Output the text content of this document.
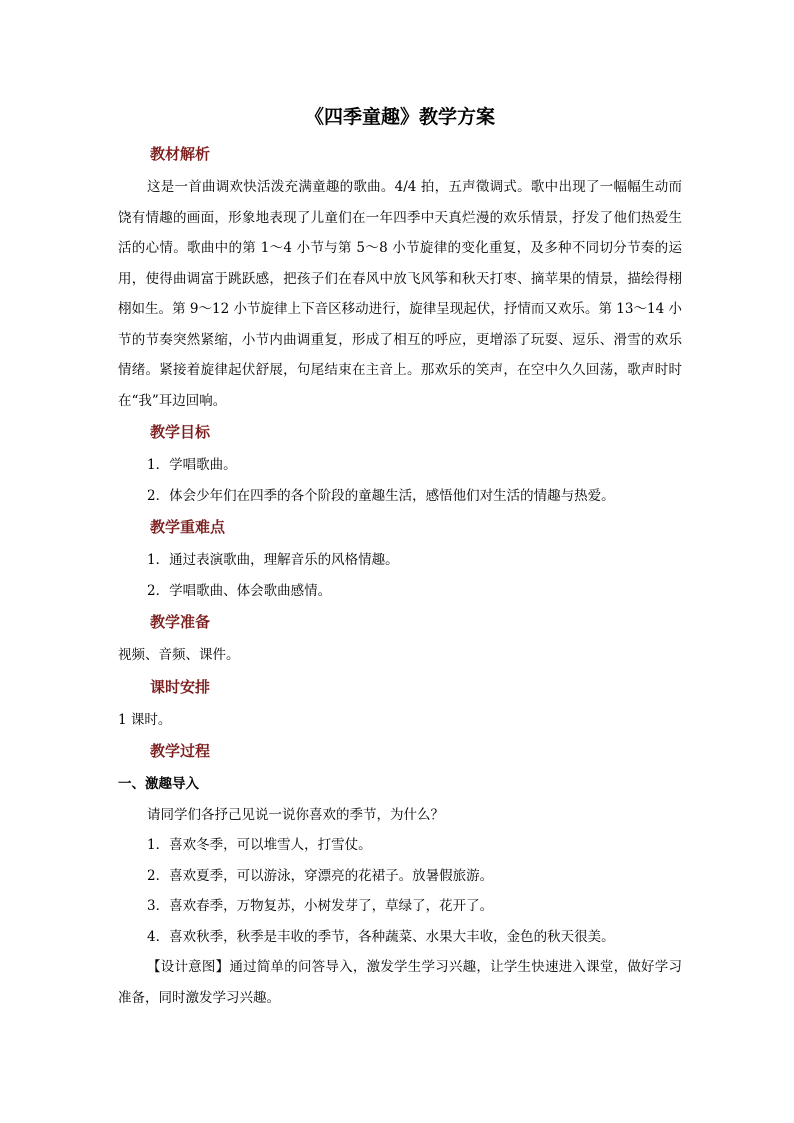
《四季童趣》教学方案
教材解析

这是一首曲调欢快活泼充满童趣的歌曲。4/4 拍，五声徵调式。歌中出现了一幅幅生动而饶有情趣的画面，形象地表现了儿童们在一年四季中天真烂漫的欢乐情景，抒发了他们热爱生活的心情。歌曲中的第 1～4 小节与第 5～8 小节旋律的变化重复，及多种不同切分节奏的运用，使得曲调富于跳跃感，把孩子们在春风中放飞风筝和秋天打枣、摘苹果的情景，描绘得栩栩如生。第 9～12 小节旋律上下音区移动进行，旋律呈现起伏，抒情而又欢乐。第 13～14 小节的节奏突然紧缩，小节内曲调重复，形成了相互的呼应，更增添了玩耍、逗乐、滑雪的欢乐情绪。紧接着旋律起伏舒展，句尾结束在主音上。那欢乐的笑声，在空中久久回荡，歌声时时在“我”耳边回响。

教学目标

1．学唱歌曲。

2．体会少年们在四季的各个阶段的童趣生活，感悟他们对生活的情趣与热爱。

教学重难点

1．通过表演歌曲，理解音乐的风格情趣。

2．学唱歌曲、体会歌曲感情。

教学准备

视频、音频、课件。

课时安排

1 课时。

教学过程

一、激趣导入

请同学们各抒己见说一说你喜欢的季节，为什么？

1．喜欢冬季，可以堆雪人，打雪仗。

2．喜欢夏季，可以游泳，穿漂亮的花裙子。放暑假旅游。

3．喜欢春季，万物复苏，小树发芽了，草绿了，花开了。

4．喜欢秋季，秋季是丰收的季节，各种蔬菜、水果大丰收，金色的秋天很美。

【设计意图】通过简单的问答导入，激发学生学习兴趣，让学生快速进入课堂，做好学习准备，同时激发学习兴趣。
